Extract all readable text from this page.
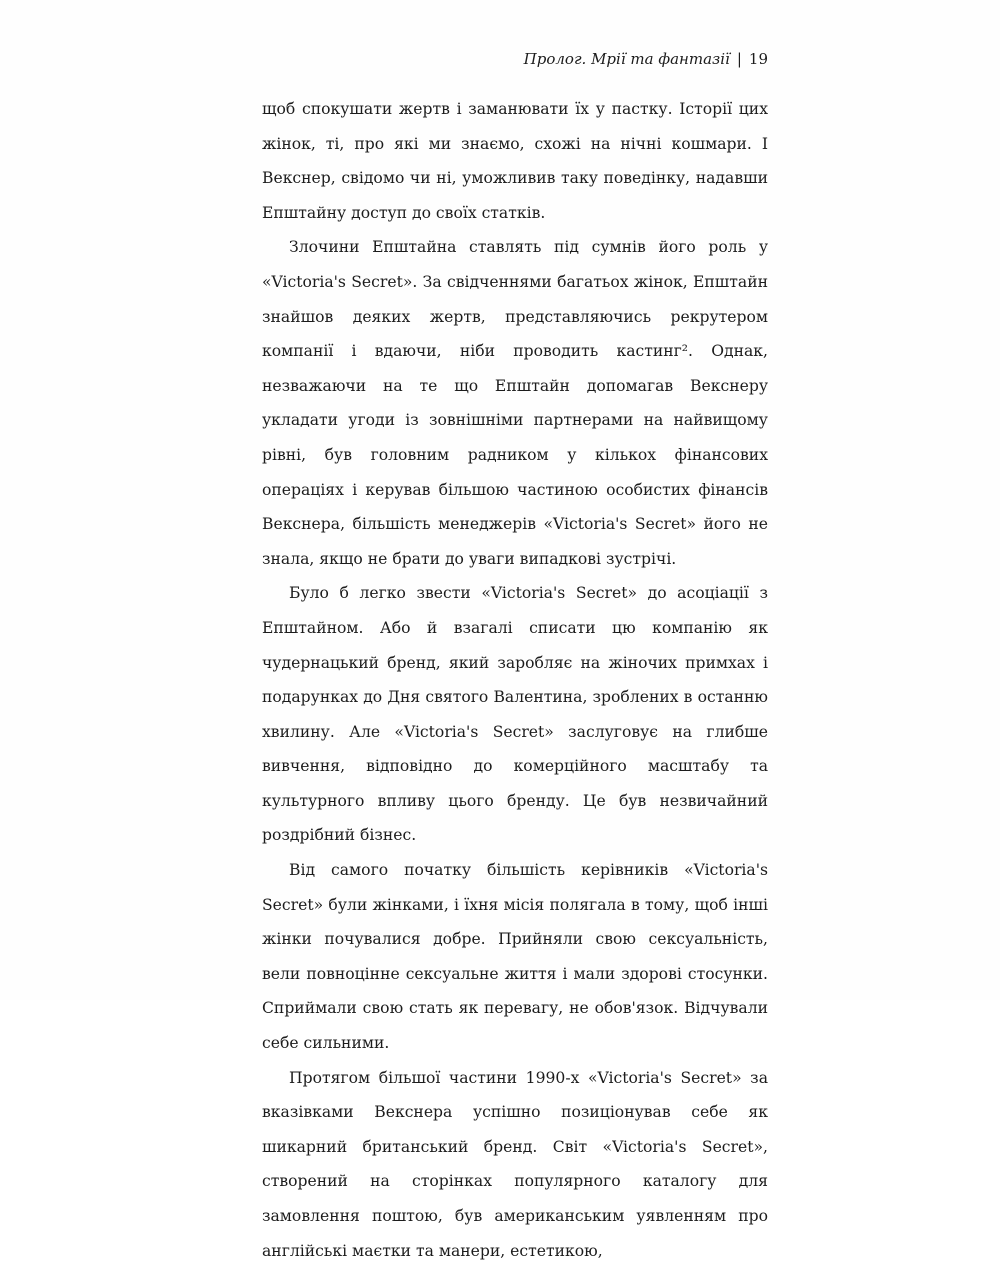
Пролог. Мрії та фантазії | 19

щоб спокушати жертв і заманювати їх у пастку. Історії цих жінок, ті, про які ми знаємо, схожі на нічні кошмари. І Векснер, свідомо чи ні, уможливив таку поведінку, надавши Епштайну доступ до своїх статків.

Злочини Епштайна ставлять під сумнів його роль у «Victoria's Secret». За свідченнями багатьох жінок, Епштайн знайшов деяких жертв, представляючись рекрутером компанії і вдаючи, ніби проводить кастинг². Однак, незважаючи на те що Епштайн допомагав Векснеру укладати угоди із зовнішніми партнерами на найвищому рівні, був головним радником у кількох фінансових операціях і керував більшою частиною особистих фінансів Векснера, більшість менеджерів «Victoria's Secret» його не знала, якщо не брати до уваги випадкові зустрічі.

Було б легко звести «Victoria's Secret» до асоціації з Епштайном. Або й взагалі списати цю компанію як чудернацький бренд, який заробляє на жіночих примхах і подарунках до Дня святого Валентина, зроблених в останню хвилину. Але «Victoria's Secret» заслуговує на глибше вивчення, відповідно до комерційного масштабу та культурного впливу цього бренду. Це був незвичайний роздрібний бізнес.

Від самого початку більшість керівників «Victoria's Secret» були жінками, і їхня місія полягала в тому, щоб інші жінки почувалися добре. Прийняли свою сексуальність, вели повноцінне сексуальне життя і мали здорові стосунки. Сприймали свою стать як перевагу, не обов'язок. Відчували себе сильними.

Протягом більшої частини 1990-х «Victoria's Secret» за вказівками Векснера успішно позиціонував себе як шикарний британський бренд. Світ «Victoria's Secret», створений на сторінках популярного каталогу для замовлення поштою, був американським уявленням про англійські маєтки та манери, естетикою,
